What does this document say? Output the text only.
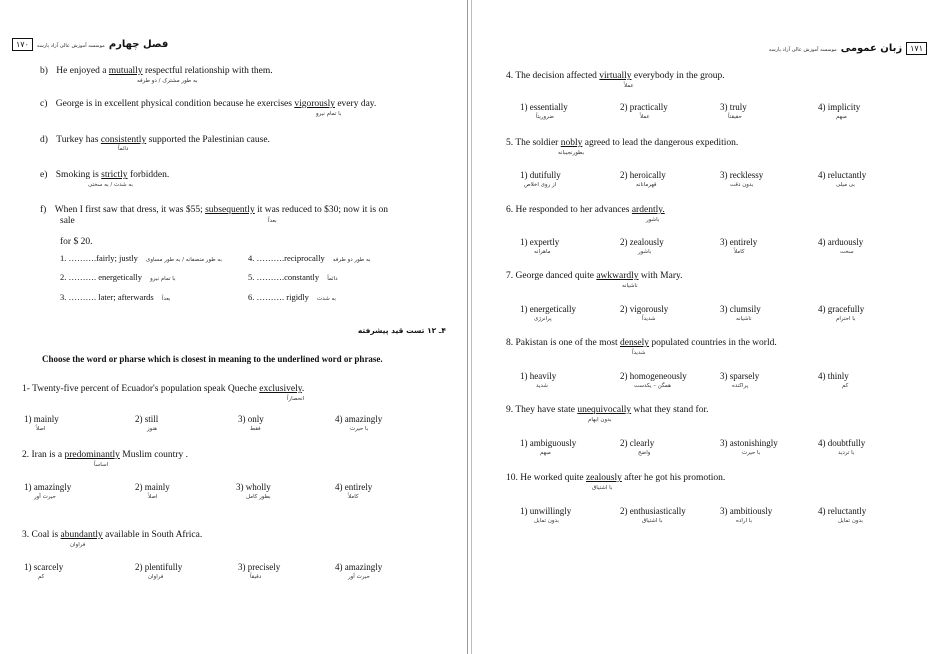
۱۷۰	فصل چهارم موسسه آموزش عالی آزاد پارسه
b) He enjoyed a mutually respectful relationship with them.
به طور مشترک / دو طرفه
c) George is in excellent physical condition because he exercises vigorously every day.
با تمام نیرو
d) Turkey has consistently supported the Palestinian cause.
دائماً
e) Smoking is strictly forbidden.
به شدت / به سختی
f) When I first saw that dress, it was $55; subsequently it was reduced to $30; now it is on
sale	بعداً
for $ 20.
1. ……….fairly; justly به طور منصفانه / به طور مساوی	4. ……….reciprocally به طور دو طرفه
2. ………. energetically با تمام نیرو	5. ……….constantly دائماً
3. ………. later; afterwards بعداً	6. ………. rigidly به شدت
۴ـ ۱۲ تست قید پیشرفته
Choose the word or pharse which is closest in meaning to the underlined word or phrase.
1- Twenty-five percent of Ecuador's population speak Queche exclusively.
انحصاراً
1) mainly
اصلاً
2) still
هنوز
3) only
فقط
4) amazingly
با حیرت
2. Iran is a predominantly Muslim country .
اساساً
1) amazingly
حیرت آور
2) mainly
اصلاً
3) wholly
بطور کامل
4) entirely
کاملاً
3. Coal is abundantly available in South Africa.
فراوان
1) scarcely
کم
2) plentifully
فراوان
3) precisely
دقیقاً
4) amazingly
حیرت آور
۱۷۱ زبان عمومی موسسه آموزش عالی آزاد پارسه
4. The decision affected virtually everybody in the group.
عملاً
1) essentially
ضروریتاً
2) practically
عملاً
3) truly
حقیقتاً
4) implicity
مبهم
5. The soldier nobly agreed to lead the dangerous expedition.
بطورنجیبانه
1) dutifully
از روی اخلاص
2) heroically
قهرمانانه
3) recklessy
بدون دقت
4) reluctantly
بی میلی
6. He responded to her advances ardently.
باشور
1) expertly
ماهرانه
2) zealously
باشور
3) entirely
کاملاً
4) arduously
سخت
7. George danced quite awkwardly with Mary.
ناشیانه
1) energetically
پرانرژی
2) vigorously
شدیداً
3) clumsily
ناشیانه
4) gracefully
با احترام
8. Pakistan is one of the most densely populated countries in the world.
شدیداً
1) heavily
شدید
2) homogeneously
همگن – یکدست
3) sparsely
پراکنده
4) thinly
کم
9. They have state unequivocally what they stand for.
بدون ابهام
1) ambiguously
مبهم
2) clearly
واضح
3) astonishingly
با حیرت
4) doubtfully
با تردید
10. He worked quite zealously after he got his promotion.
با اشتیاق
1) unwillingly
بدون تمایل
2) enthusiastically
با اشتیاق
3) ambitiously
با اراده
4) reluctantly
بدون تمایل
